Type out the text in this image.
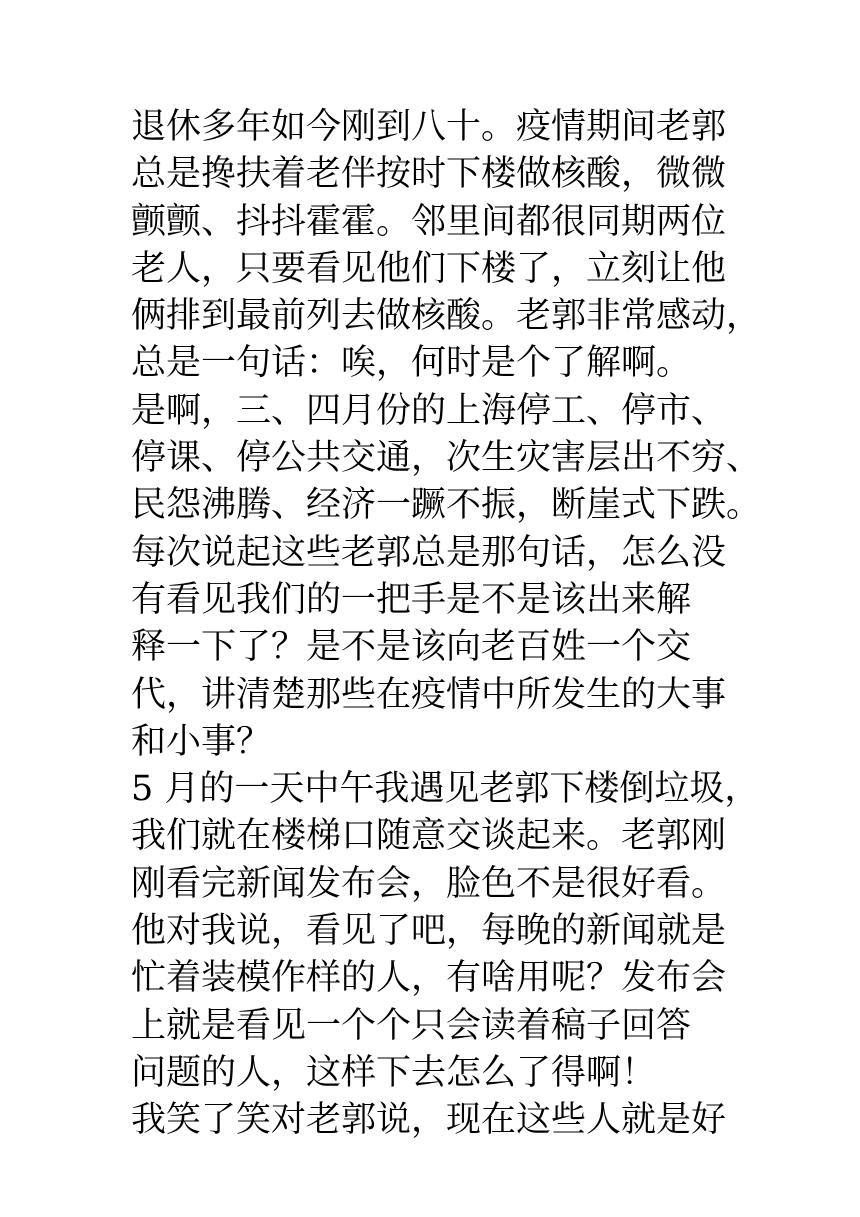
退休多年如今刚到八十。疫情期间老郭
总是搀扶着老伴按时下楼做核酸，微微
颤颤、抖抖霍霍。邻里间都很同期两位
老人，只要看见他们下楼了，立刻让他
俩排到最前列去做核酸。老郭非常感动，
总是一句话：唉，何时是个了解啊。
是啊，三、四月份的上海停工、停市、
停课、停公共交通，次生灾害层出不穷、
民怨沸腾、经济一蹶不振，断崖式下跌。
每次说起这些老郭总是那句话，怎么没
有看见我们的一把手是不是该出来解
释一下了？是不是该向老百姓一个交
代，讲清楚那些在疫情中所发生的大事
和小事？
5 月的一天中午我遇见老郭下楼倒垃圾，
我们就在楼梯口随意交谈起来。老郭刚
刚看完新闻发布会，脸色不是很好看。
他对我说，看见了吧，每晚的新闻就是
忙着装模作样的人，有啥用呢？发布会
上就是看见一个个只会读着稿子回答
问题的人，这样下去怎么了得啊！
我笑了笑对老郭说，现在这些人就是好
